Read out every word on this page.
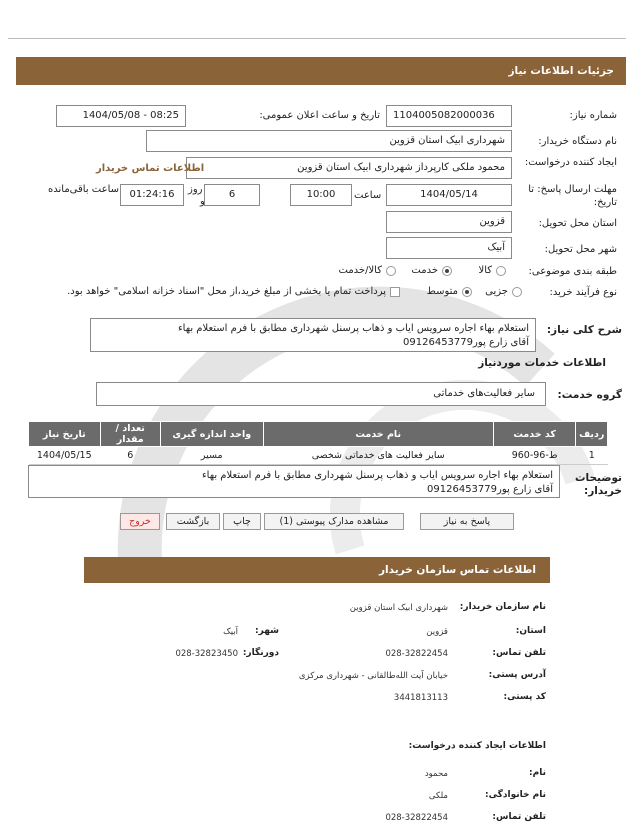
جزئیات اطلاعات نیاز
شماره نیاز:
1104005082000036
تاریخ و ساعت اعلان عمومی:
1404/05/08 - 08:25
نام دستگاه خریدار:
شهرداری ابیک استان قزوین
ایجاد کننده درخواست:
محمود ملکی کارپرداز شهرداری ابیک استان قزوین
اطلاعات تماس خریدار
مهلت ارسال پاسخ: تا تاریخ:
1404/05/14
ساعت
10:00
6
روز
و
01:24:16
ساعت باقی‌مانده
استان محل تحویل:
قزوین
شهر محل تحویل:
آبیک
طبقه بندی موضوعی:
کالا
خدمت
کالا/خدمت
نوع فرآیند خرید:
جزیی
متوسط
پرداخت تمام یا بخشی از مبلغ خرید،از محل "اسناد خزانه اسلامی" خواهد بود.
شرح کلی نیاز:
استعلام بهاء اجاره سرویس ایاب و ذهاب پرسنل شهرداری مطابق با فرم استعلام بهاء
آقای زارع پور09126453779
اطلاعات خدمات موردنیاز
گروه خدمت:
سایر فعالیت‌های خدماتی
ردیف	کد خدمت	نام خدمت	واحد اندازه گیری	تعداد / مقدار	تاریخ نیاز
1	ط-96-960	سایر فعالیت های خدماتی شخصی	مسیر	6	1404/05/15
توضیحات خریدار:
استعلام بهاء اجاره سرویس ایاب و ذهاب پرسنل شهرداری مطابق با فرم استعلام بهاء
آقای زارع پور09126453779
پاسخ به نیاز
مشاهده مدارک پیوستی (1)
چاپ
بازگشت
خروج
اطلاعات تماس سازمان خریدار
نام سازمان خریدار:
شهرداری ابیک استان قزوین
استان:
قزوین
شهر:
آبیک
تلفن تماس:
028-32822454
دورنگار:
028-32823450
آدرس پستی:
خیابان آیت الله‌طالقانی - شهرداری مرکزی
کد پستی:
3441813113
اطلاعات ایجاد کننده درخواست:
نام:
محمود
نام خانوادگی:
ملکی
تلفن تماس:
028-32822454
